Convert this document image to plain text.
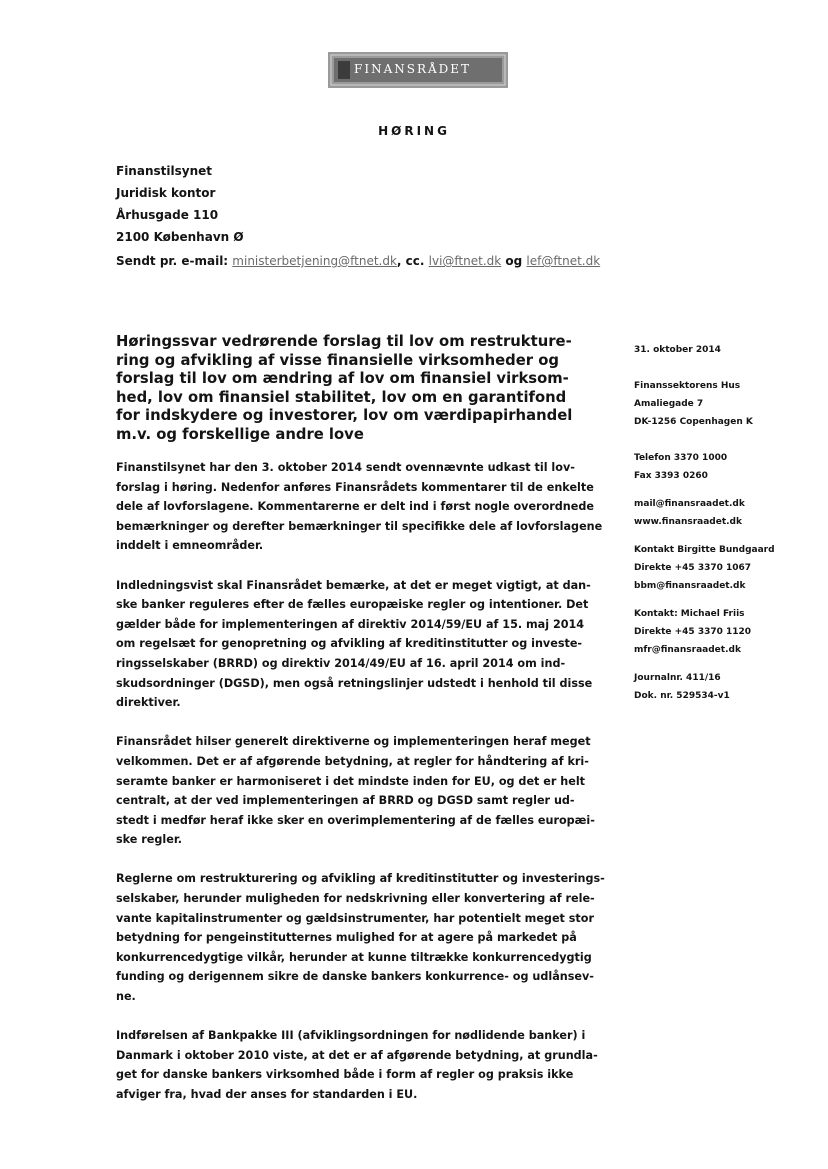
FINANSRÅDET
HØRING
Finanstilsynet
Juridisk kontor
Århusgade 110
2100 København Ø
Sendt pr. e-mail: ministerbetjening@ftnet.dk, cc. lvi@ftnet.dk og lef@ftnet.dk
Høringssvar vedrørende forslag til lov om restrukture-
ring og afvikling af visse finansielle virksomheder og
forslag til lov om ændring af lov om finansiel virksom-
hed, lov om finansiel stabilitet, lov om en garantifond
for indskydere og investorer, lov om værdipapirhandel
m.v. og forskellige andre love
Finanstilsynet har den 3. oktober 2014 sendt ovennævnte udkast til lov-
forslag i høring. Nedenfor anføres Finansrådets kommentarer til de enkelte
dele af lovforslagene. Kommentarerne er delt ind i først nogle overordnede
bemærkninger og derefter bemærkninger til specifikke dele af lovforslagene
inddelt i emneområder.
Indledningsvist skal Finansrådet bemærke, at det er meget vigtigt, at dan-
ske banker reguleres efter de fælles europæiske regler og intentioner. Det
gælder både for implementeringen af direktiv 2014/59/EU af 15. maj 2014
om regelsæt for genopretning og afvikling af kreditinstitutter og investe-
ringsselskaber (BRRD) og direktiv 2014/49/EU af 16. april 2014 om ind-
skudsordninger (DGSD), men også retningslinjer udstedt i henhold til disse
direktiver.
Finansrådet hilser generelt direktiverne og implementeringen heraf meget
velkommen. Det er af afgørende betydning, at regler for håndtering af kri-
seramte banker er harmoniseret i det mindste inden for EU, og det er helt
centralt, at der ved implementeringen af BRRD og DGSD samt regler ud-
stedt i medfør heraf ikke sker en overimplementering af de fælles europæi-
ske regler.
Reglerne om restrukturering og afvikling af kreditinstitutter og investerings-
selskaber, herunder muligheden for nedskrivning eller konvertering af rele-
vante kapitalinstrumenter og gældsinstrumenter, har potentielt meget stor
betydning for pengeinstitutternes mulighed for at agere på markedet på
konkurrencedygtige vilkår, herunder at kunne tiltrække konkurrencedygtig
funding og derigennem sikre de danske bankers konkurrence- og udlånsev-
ne.
Indførelsen af Bankpakke III (afviklingsordningen for nødlidende banker) i
Danmark i oktober 2010 viste, at det er af afgørende betydning, at grundla-
get for danske bankers virksomhed både i form af regler og praksis ikke
afviger fra, hvad der anses for standarden i EU.
31. oktober 2014
Finanssektorens Hus
Amaliegade 7
DK-1256 Copenhagen K
Telefon 3370 1000
Fax 3393 0260
mail@finansraadet.dk
www.finansraadet.dk
Kontakt Birgitte Bundgaard
Direkte +45 3370 1067
bbm@finansraadet.dk
Kontakt: Michael Friis
Direkte +45 3370 1120
mfr@finansraadet.dk
Journalnr. 411/16
Dok. nr. 529534-v1
